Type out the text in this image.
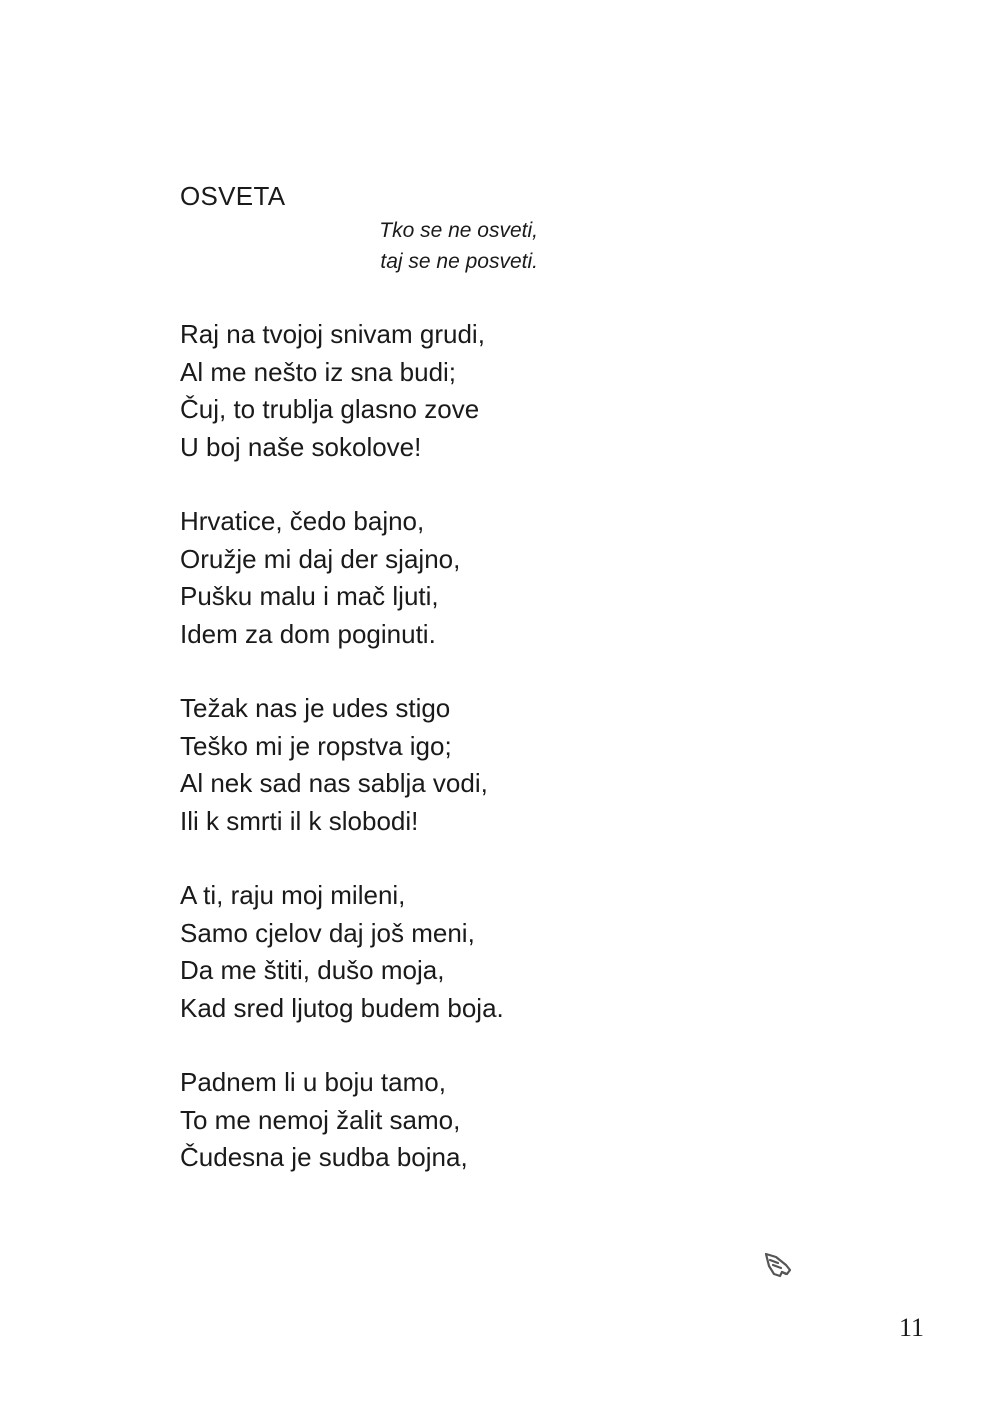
OSVETA
Tko se ne osveti,
taj se ne posveti.
Raj na tvojoj snivam grudi,
Al me nešto iz sna budi;
Čuj, to trublja glasno zove
U boj naše sokolove!
Hrvatice, čedo bajno,
Oružje mi daj der sjajno,
Pušku malu i mač ljuti,
Idem za dom poginuti.
Težak nas je udes stigo
Teško mi je ropstva igo;
Al nek sad nas sablja vodi,
Ili k smrti il k slobodi!
A ti, raju moj mileni,
Samo cjelov daj još meni,
Da me štiti, dušo moja,
Kad sred ljutog budem boja.
Padnem li u boju tamo,
To me nemoj žalit samo,
Čudesna je sudba bojna,
11
